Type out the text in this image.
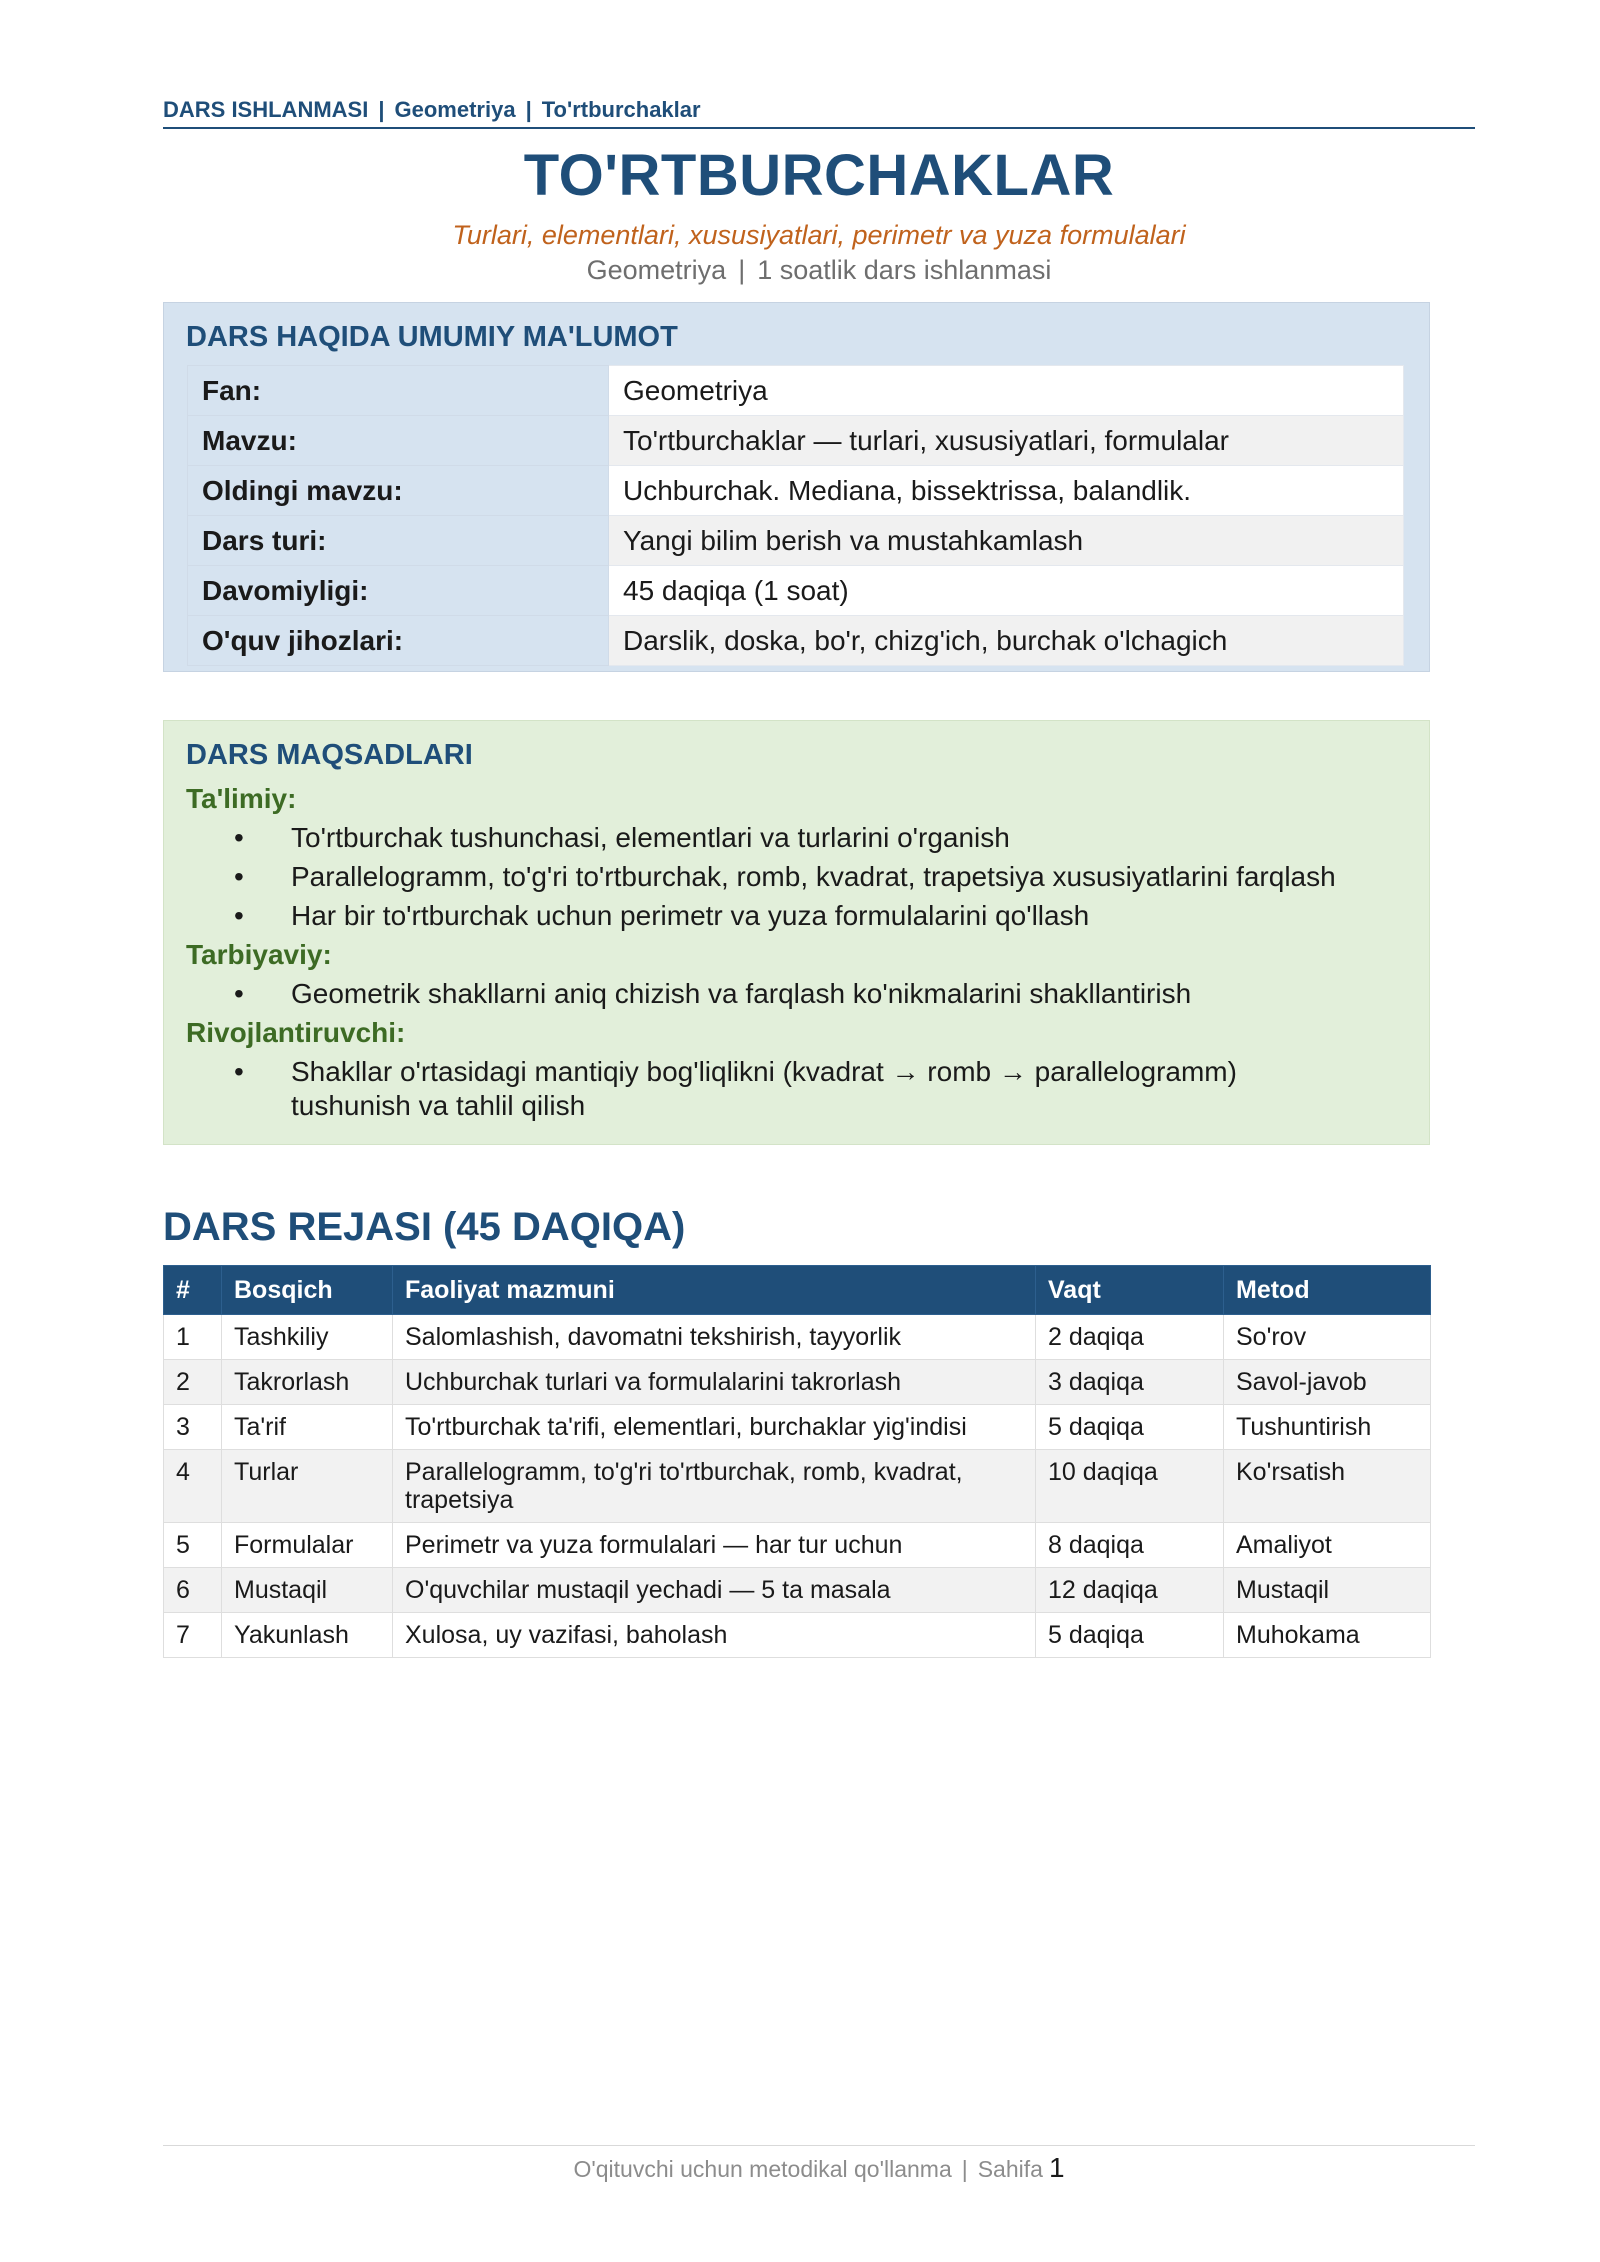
DARS ISHLANMASI | Geometriya | To'rtburchaklar
TO'RTBURCHAKLAR
Turlari, elementlari, xususiyatlari, perimetr va yuza formulalari
Geometriya | 1 soatlik dars ishlanmasi
DARS HAQIDA UMUMIY MA'LUMOT
Fan:	Geometriya
Mavzu:	To'rtburchaklar — turlari, xususiyatlari, formulalar
Oldingi mavzu:	Uchburchak. Mediana, bissektrissa, balandlik.
Dars turi:	Yangi bilim berish va mustahkamlash
Davomiyligi:	45 daqiqa (1 soat)
O'quv jihozlari:	Darslik, doska, bo'r, chizg'ich, burchak o'lchagich
DARS MAQSADLARI
Ta'limiy:
• To'rtburchak tushunchasi, elementlari va turlarini o'rganish
• Parallelogramm, to'g'ri to'rtburchak, romb, kvadrat, trapetsiya xususiyatlarini farqlash
• Har bir to'rtburchak uchun perimetr va yuza formulalarini qo'llash
Tarbiyaviy:
• Geometrik shakllarni aniq chizish va farqlash ko'nikmalarini shakllantirish
Rivojlantiruvchi:
• Shakllar o'rtasidagi mantiqiy bog'liqlikni (kvadrat → romb → parallelogramm) tushunish va tahlil qilish
DARS REJASI (45 DAQIQA)
#	Bosqich	Faoliyat mazmuni	Vaqt	Metod
1	Tashkiliy	Salomlashish, davomatni tekshirish, tayyorlik	2 daqiqa	So'rov
2	Takrorlash	Uchburchak turlari va formulalarini takrorlash	3 daqiqa	Savol-javob
3	Ta'rif	To'rtburchak ta'rifi, elementlari, burchaklar yig'indisi	5 daqiqa	Tushuntirish
4	Turlar	Parallelogramm, to'g'ri to'rtburchak, romb, kvadrat, trapetsiya	10 daqiqa	Ko'rsatish
5	Formulalar	Perimetr va yuza formulalari — har tur uchun	8 daqiqa	Amaliyot
6	Mustaqil	O'quvchilar mustaqil yechadi — 5 ta masala	12 daqiqa	Mustaqil
7	Yakunlash	Xulosa, uy vazifasi, baholash	5 daqiqa	Muhokama
O'qituvchi uchun metodikal qo'llanma | Sahifa 1
